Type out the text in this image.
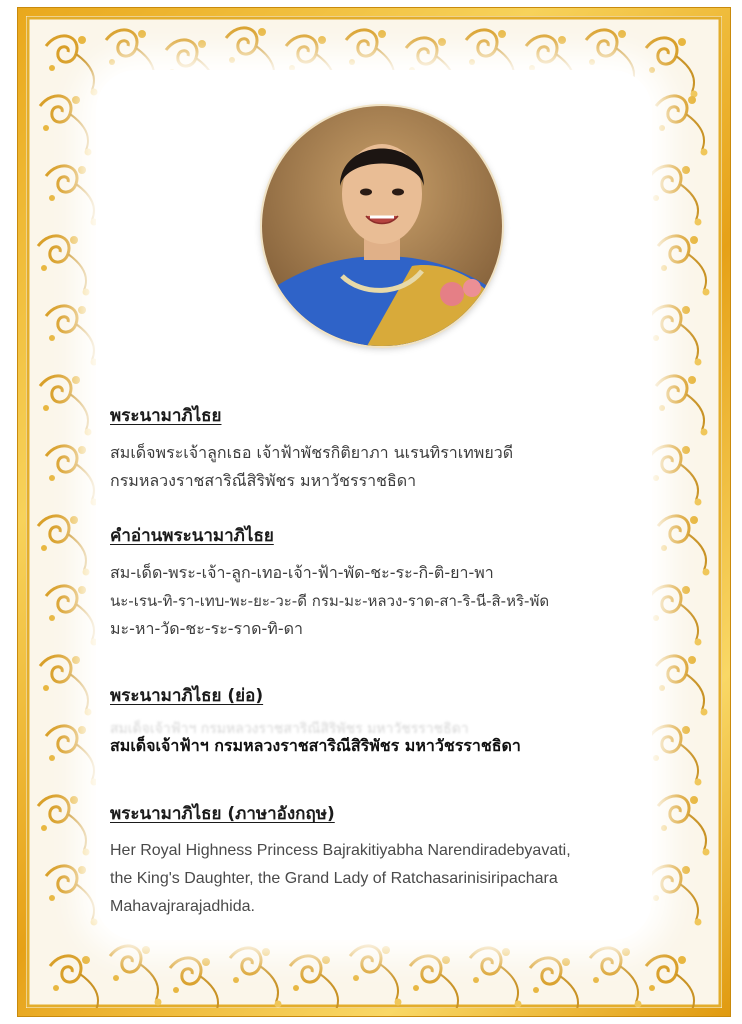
พระนามาภิไธย

สมเด็จพระเจ้าลูกเธอ เจ้าฟ้าพัชรกิติยาภา นเรนทิราเทพยวดี

กรมหลวงราชสาริณีสิริพัชร มหาวัชรราชธิดา

คำอ่านพระนามาภิไธย

สม-เด็ด-พระ-เจ้า-ลูก-เทอ-เจ้า-ฟ้า-พัด-ชะ-ระ-กิ-ติ-ยา-พา

นะ-เรน-ทิ-รา-เทบ-พะ-ยะ-วะ-ดี กรม-มะ-หลวง-ราด-สา-ริ-นี-สิ-หริ-พัด

มะ-หา-วัด-ชะ-ระ-ราด-ทิ-ดา

พระนามาภิไธย (ย่อ)

สมเด็จเจ้าฟ้าฯ กรมหลวงราชสาริณีสิริพัชร มหาวัชรราชธิดา

สมเด็จเจ้าฟ้าฯ กรมหลวงราชสาริณีสิริพัชร มหาวัชรราชธิดา

พระนามาภิไธย (ภาษาอังกฤษ)

Her Royal Highness Princess Bajrakitiyabha Narendiradebyavati,

the King's Daughter, the Grand Lady of Ratchasarinisiripachara

Mahavajrarajadhida.
